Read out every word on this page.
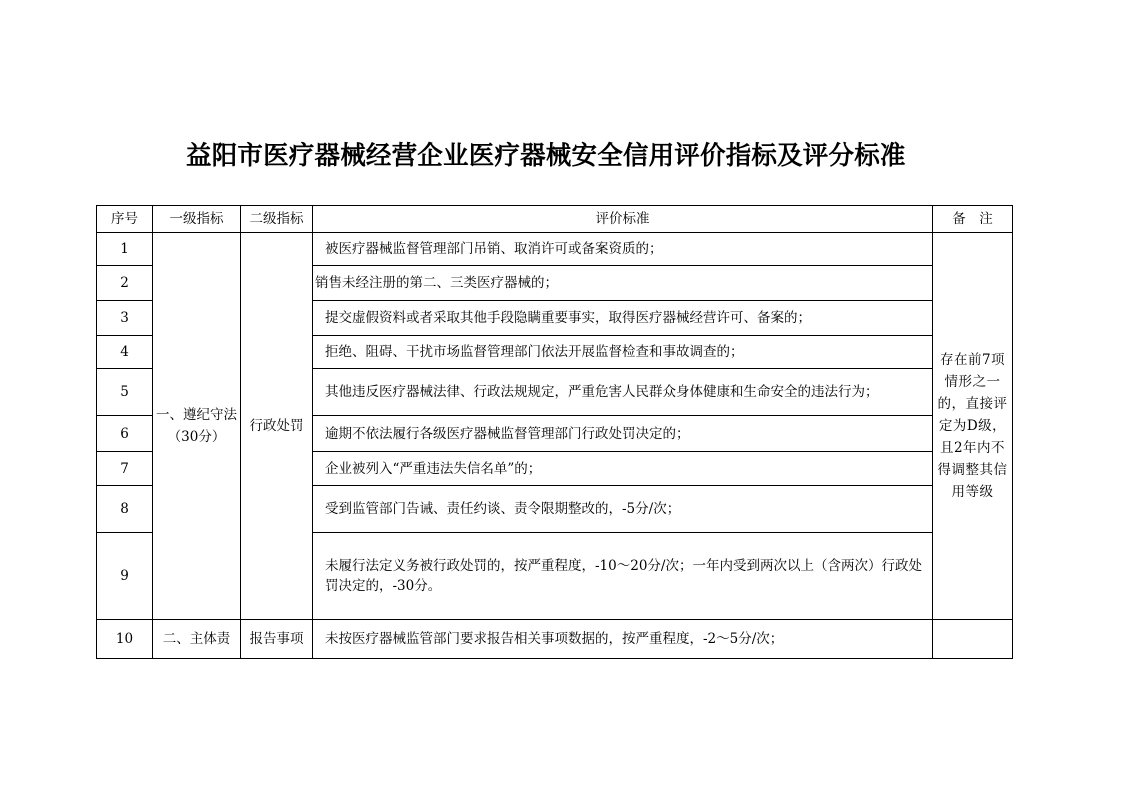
益阳市医疗器械经营企业医疗器械安全信用评价指标及评分标准
序号	一级指标	二级指标	评价标准	备　注
1	一、遵纪守法（30分）	行政处罚	被医疗器械监督管理部门吊销、取消许可或备案资质的；	存在前7项情形之一的，直接评定为D级，且2年内不得调整其信用等级
2			销售未经注册的第二、三类医疗器械的；	
3			提交虚假资料或者采取其他手段隐瞒重要事实，取得医疗器械经营许可、备案的；	
4			拒绝、阻碍、干扰市场监督管理部门依法开展监督检查和事故调查的；	
5			其他违反医疗器械法律、行政法规规定，严重危害人民群众身体健康和生命安全的违法行为；	
6			逾期不依法履行各级医疗器械监督管理部门行政处罚决定的；	
7			企业被列入“严重违法失信名单”的；	
8			受到监管部门告诫、责任约谈、责令限期整改的，-5分/次；	
9			未履行法定义务被行政处罚的，按严重程度，-10～20分/次；一年内受到两次以上（含两次）行政处罚决定的，-30分。	
10	二、主体责	报告事项	未按医疗器械监管部门要求报告相关事项数据的，按严重程度，-2～5分/次；	
